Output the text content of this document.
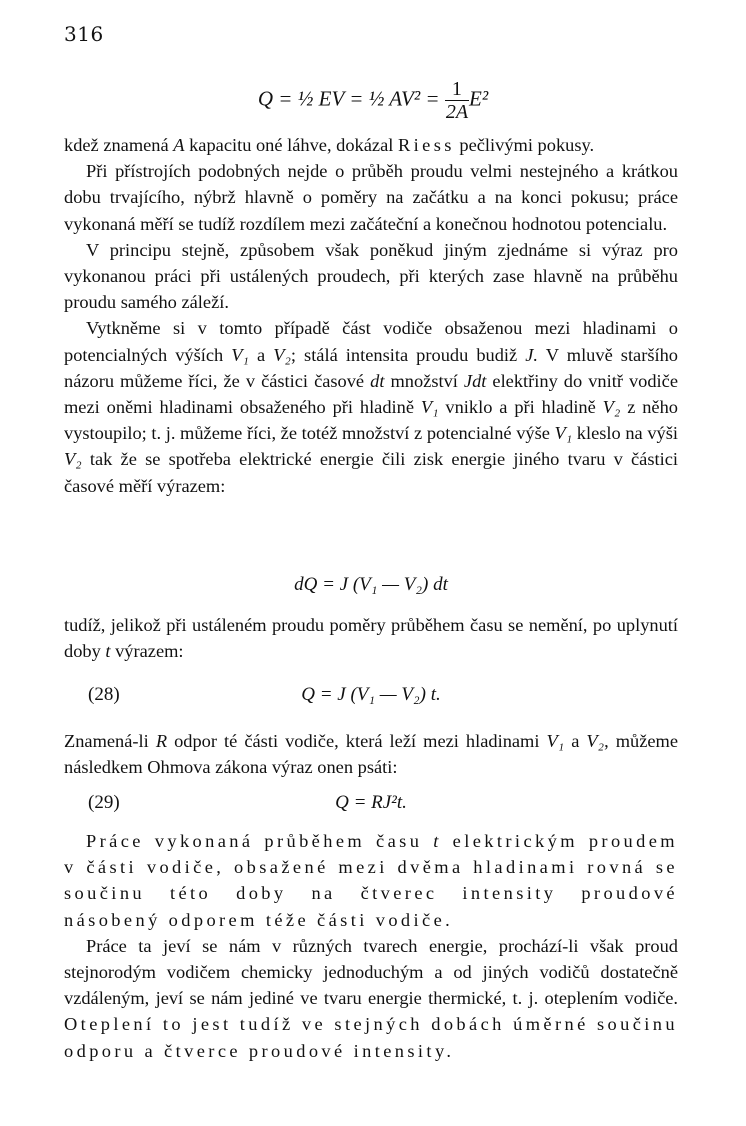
316
Q = ½ EV = ½ $AV^2 = \frac{1}{2A} E^2$

kdež znamená A kapacitu oné láhve, dokázal Riess pečlivými pokusy.

Při přístrojích podobných nejde o průběh proudu velmi nestejného a krátkou dobu trvajícího, nýbrž hlavně o poměry na začátku a na konci pokusu; práce vykonaná měří se tudíž rozdílem mezi začáteční a konečnou hodnotou potencialu.

V principu stejně, způsobem však poněkud jiným zjednáme si výraz pro vykonanou práci při ustálených proudech, při kterých zase hlavně na průběhu proudu samého záleží.

Vytkněme si v tomto případě část vodiče obsaženou mezi hladinami o potencialných výších V₁ a V₂; stálá intensita proudu budiž J. V mluvě staršího názoru můžeme říci, že v částici časové dt množství Jdt elektřiny do vnitř vodiče mezi oněmi hladinami obsaženého při hladině V₁ vniklo a při hladině V₂ z něho vystoupilo; t. j. můžeme říci, že totéž množství z potencialné výše V₁ kleslo na výši V₂ tak že se spotřeba elektrické energie čili zisk energie jiného tvaru v částici časové měří výrazem:

dQ = J (V₁ — V₂) dt

tudíž, jelikož při ustáleném proudu poměry průběhem času se nemění, po uplynutí doby t výrazem:

(28)	Q = J (V₁ — V₂) t.

Znamená-li R odpor té části vodiče, která leží mezi hladinami V₁ a V₂, můžeme následkem Ohmova zákona výraz onen psáti:

(29)	Q = RJ²t.

Práce vykonaná průběhem času t elektrickým proudem v části vodiče, obsažené mezi dvěma hladinami rovná se součinu této doby na čtverec intensity proudové násobený odporem téže části vodiče.

Práce ta jeví se nám v různých tvarech energie, prochází-li však proud stejnorodým vodičem chemicky jednoduchým a od jiných vodičů dostatečně vzdáleným, jeví se nám jediné ve tvaru energie thermické, t. j. oteplením vodiče. Oteplení to jest tudíž ve stejných dobách úměrné součinu odporu a čtverce proudové intensity.
